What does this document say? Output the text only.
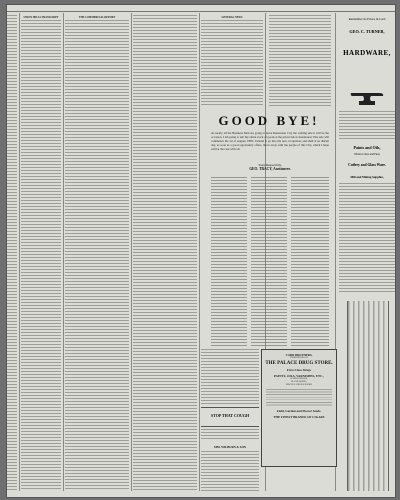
UNION MILLS TRANSCRIPT	THE COMMERCIAL REPORT	GENERAL NEWS
GOOD BYE!
As nearly all the Business Men are going to leave Rensselaer City the coming sale it will be the occasion, I am going to sell my entire stock of goods at the prices below mentioned. This sale will commence the 1st of August, 1885; I intend to go into my new occupation, and shall at no distant day, as soon as a good opportunity offers, move away with the people of this City, which I hope will be the case with all.
Yours Respectfully,
GEO. TRACY, Auctioneer.
STOP THAT COUGH
MM. WILBURN & SON
CARR BROTHERS,
PROPRIETORS OF
THE PALACE DRUG STORE.
First-Class Drugs
PAINTS, OILS, VARNISHES, ETC.,
SCHOOL BOOKS,
BLANK BOOKS,
MISCELLANEOUS BOOKS
Field, Garden and Flower Seeds.
THE FINEST BRANDS OF CIGARS
Remember its Prices in Card
GEO. C. TURNER,
HARDWARE,
Paints and Oils,
Window Glass and Putty
Cutlery and Glass Ware.
Mill and Mining Supplies,
